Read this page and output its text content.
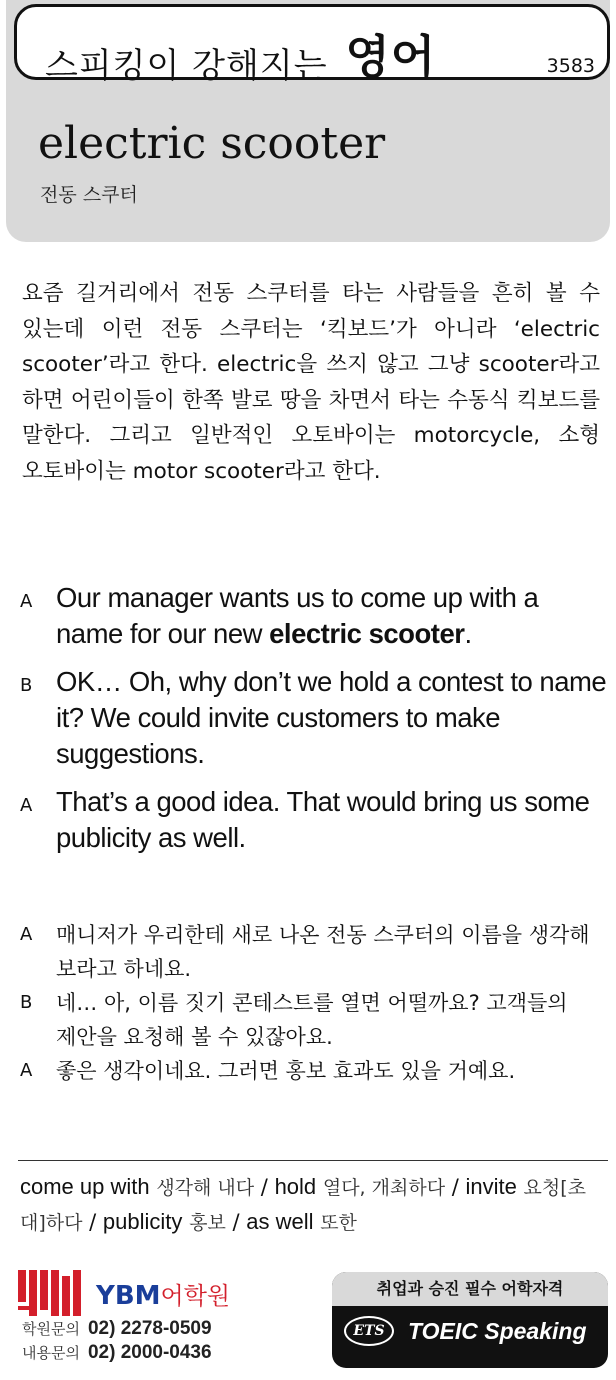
스피킹이 강해지는 영어	3583
electric scooter
전동 스쿠터

요즘 길거리에서 전동 스쿠터를 타는 사람들을 흔히 볼 수 있는데 이런 전동 스쿠터는 ‘킥보드’가 아니라 ‘electric scooter’라고 한다. electric을 쓰지 않고 그냥 scooter라고 하면 어린이들이 한쪽 발로 땅을 차면서 타는 수동식 킥보드를 말한다. 그리고 일반적인 오토바이는 motorcycle, 소형 오토바이는 motor scooter라고 한다.

A Our manager wants us to come up with a name for our new electric scooter.
B OK… Oh, why don’t we hold a contest to name it? We could invite customers to make suggestions.
A That’s a good idea. That would bring us some publicity as well.
A	매니저가 우리한테 새로 나온 전동 스쿠터의 이름을 생각해 보라고 하네요.
B	네… 아, 이름 짓기 콘테스트를 열면 어떨까요? 고객들의 제안을 요청해 볼 수 있잖아요.
A	좋은 생각이네요. 그러면 홍보 효과도 있을 거예요.
come up with 생각해 내다 / hold 열다, 개최하다 / invite 요청[초대]하다 / publicity 홍보 / as well 또한
YBM어학원
학원문의 02) 2278-0509
내용문의 02) 2000-0436
취업과 승진 필수 어학자격
ETS	TOEIC Speaking
